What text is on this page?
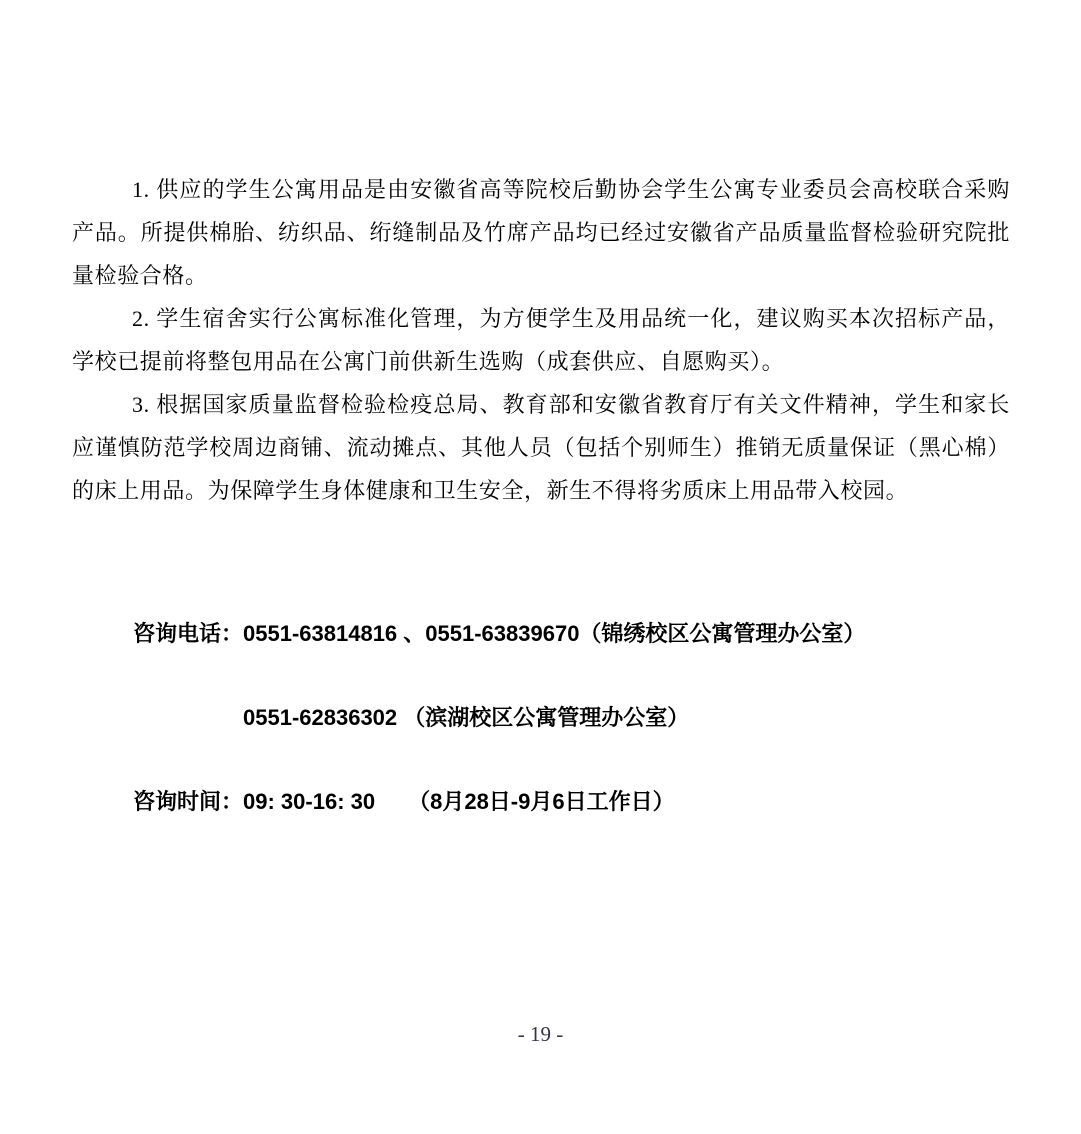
1. 供应的学生公寓用品是由安徽省高等院校后勤协会学生公寓专业委员会高校联合采购产品。所提供棉胎、纺织品、绗缝制品及竹席产品均已经过安徽省产品质量监督检验研究院批量检验合格。

2. 学生宿舍实行公寓标准化管理，为方便学生及用品统一化，建议购买本次招标产品，学校已提前将整包用品在公寓门前供新生选购（成套供应、自愿购买）。

3. 根据国家质量监督检验检疫总局、教育部和安徽省教育厅有关文件精神，学生和家长应谨慎防范学校周边商铺、流动摊点、其他人员（包括个别师生）推销无质量保证（黑心棉）的床上用品。为保障学生身体健康和卫生安全，新生不得将劣质床上用品带入校园。

咨询电话：0551-63814816 、0551-63839670（锦绣校区公寓管理办公室）

0551-62836302 （滨湖校区公寓管理办公室）

咨询时间：09: 30-16: 30　　（8月28日-9月6日工作日）

- 19 -
